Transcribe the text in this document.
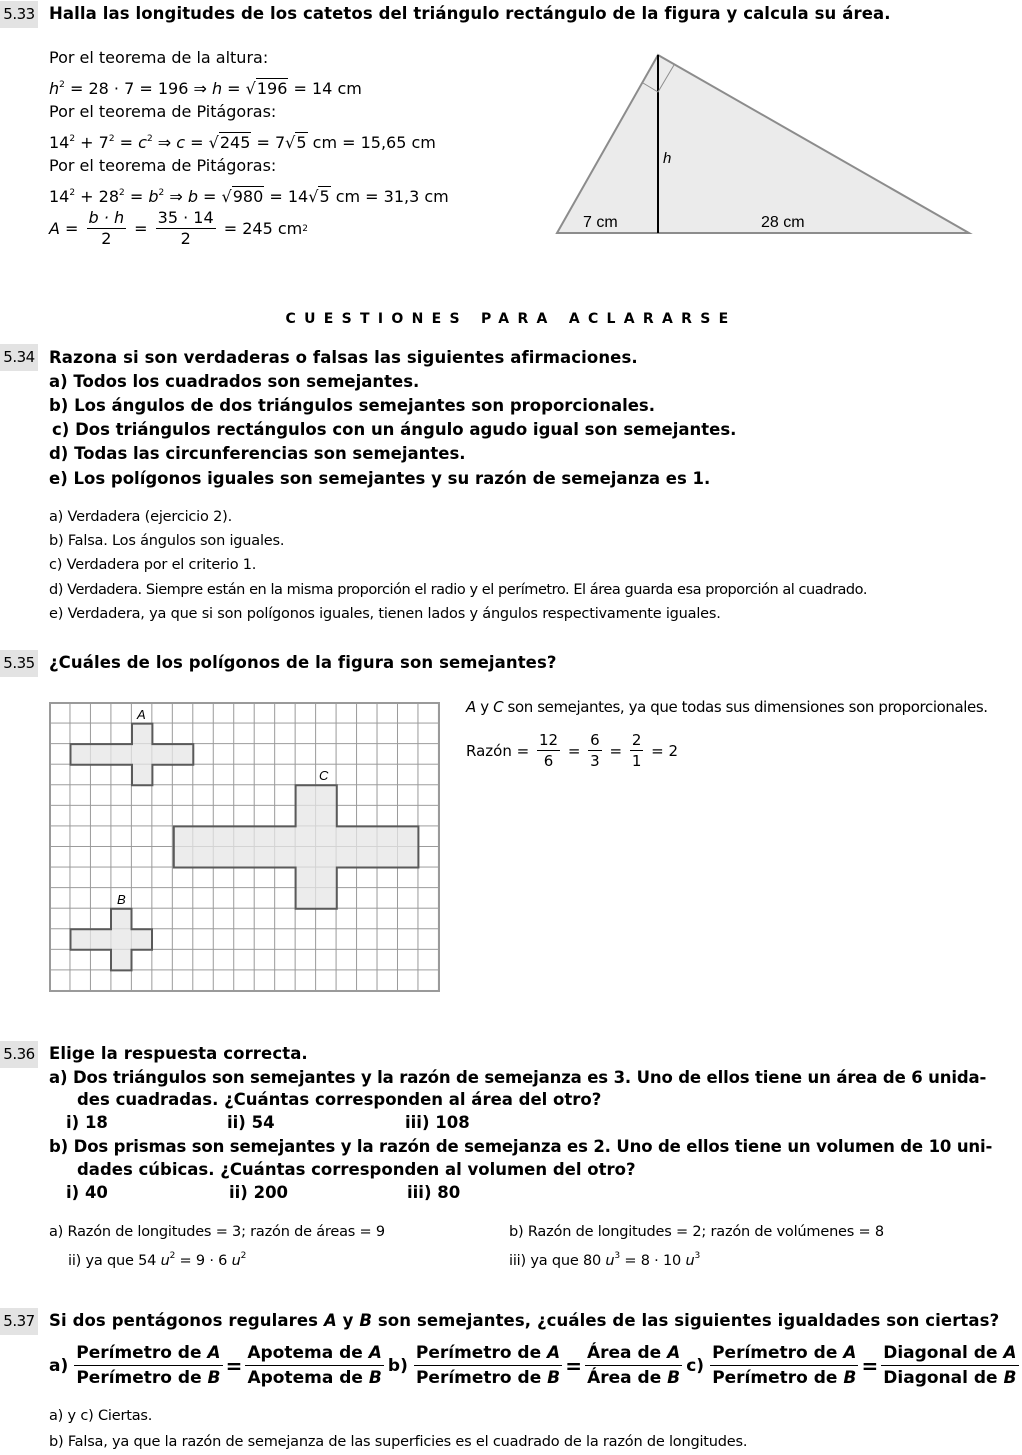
5.33 Halla las longitudes de los catetos del triángulo rectángulo de la figura y calcula su área.
Por el teorema de la altura:
$h^2 = 28 \cdot 7 = 196$ ⇒ h = √196 = 14 cm
Por el teorema de Pitágoras:
$14^2 + 7^2 = c^2$ ⇒ c = √245 = 7√5 cm = 15,65 cm
Por el teorema de Pitágoras:
$14^2 + 28^2 = b^2$ ⇒ b = √980 = 14√5 cm = 31,3 cm
$A = \frac{b \cdot h}{2} = \frac{35 \cdot 14}{2} = 245$ cm 2
h
7 cm	28 cm
CUESTIONES PARA ACLARARSE
5.34 Razona si son verdaderas o falsas las siguientes afirmaciones.
a) Todos los cuadrados son semejantes.
b) Los ángulos de dos triángulos semejantes son proporcionales.
c) Dos triángulos rectángulos con un ángulo agudo igual son semejantes.
d) Todas las circunferencias son semejantes.
e) Los polígonos iguales son semejantes y su razón de semejanza es 1.
a) Verdadera (ejercicio 2).
b) Falsa. Los ángulos son iguales.
c) Verdadera por el criterio 1.
d) Verdadera. Siempre están en la misma proporción el radio y el perímetro. El área guarda esa proporción al cuadrado.
e) Verdadera, ya que si son polígonos iguales, tienen lados y ángulos respectivamente iguales.
5.35 ¿Cuáles de los polígonos de la figura son semejantes?
A
B
C
A y C son semejantes, ya que todas sus dimensiones son proporcionales.
Razón = $\frac{12}{6} = \frac{6}{3} = \frac{2}{1} = 2$
5.36 Elige la respuesta correcta.
a) Dos triángulos son semejantes y la razón de semejanza es 3. Uno de ellos tiene un área de 6 unida-
des cuadradas. ¿Cuántas corresponden al área del otro?
i) 18	ii) 54	iii) 108
b) Dos prismas son semejantes y la razón de semejanza es 2. Uno de ellos tiene un volumen de 10 uni-
dades cúbicas. ¿Cuántas corresponden al volumen del otro?
i) 40	ii) 200	iii) 80
a) Razón de longitudes = 3; razón de áreas = 9
ii) ya que 54 $u^2 = 9 \cdot 6$ $u^2$
b) Razón de longitudes = 2; razón de volúmenes = 8
iii) ya que 80 $u^3 = 8 \cdot 10$ $u^3$
5.37 Si dos pentágonos regulares A y B son semejantes, ¿cuáles de las siguientes igualdades son ciertas?
a)
Perímetro de A
Perímetro de B
=
Apotema de A
Apotema de B
b)
Perímetro de A
Perímetro de B
=
Área de A
Área de B
c)
Perímetro de A
Perímetro de B
=
Diagonal de A
Diagonal de B
a) y c) Ciertas.
b) Falsa, ya que la razón de semejanza de las superficies es el cuadrado de la razón de longitudes.
